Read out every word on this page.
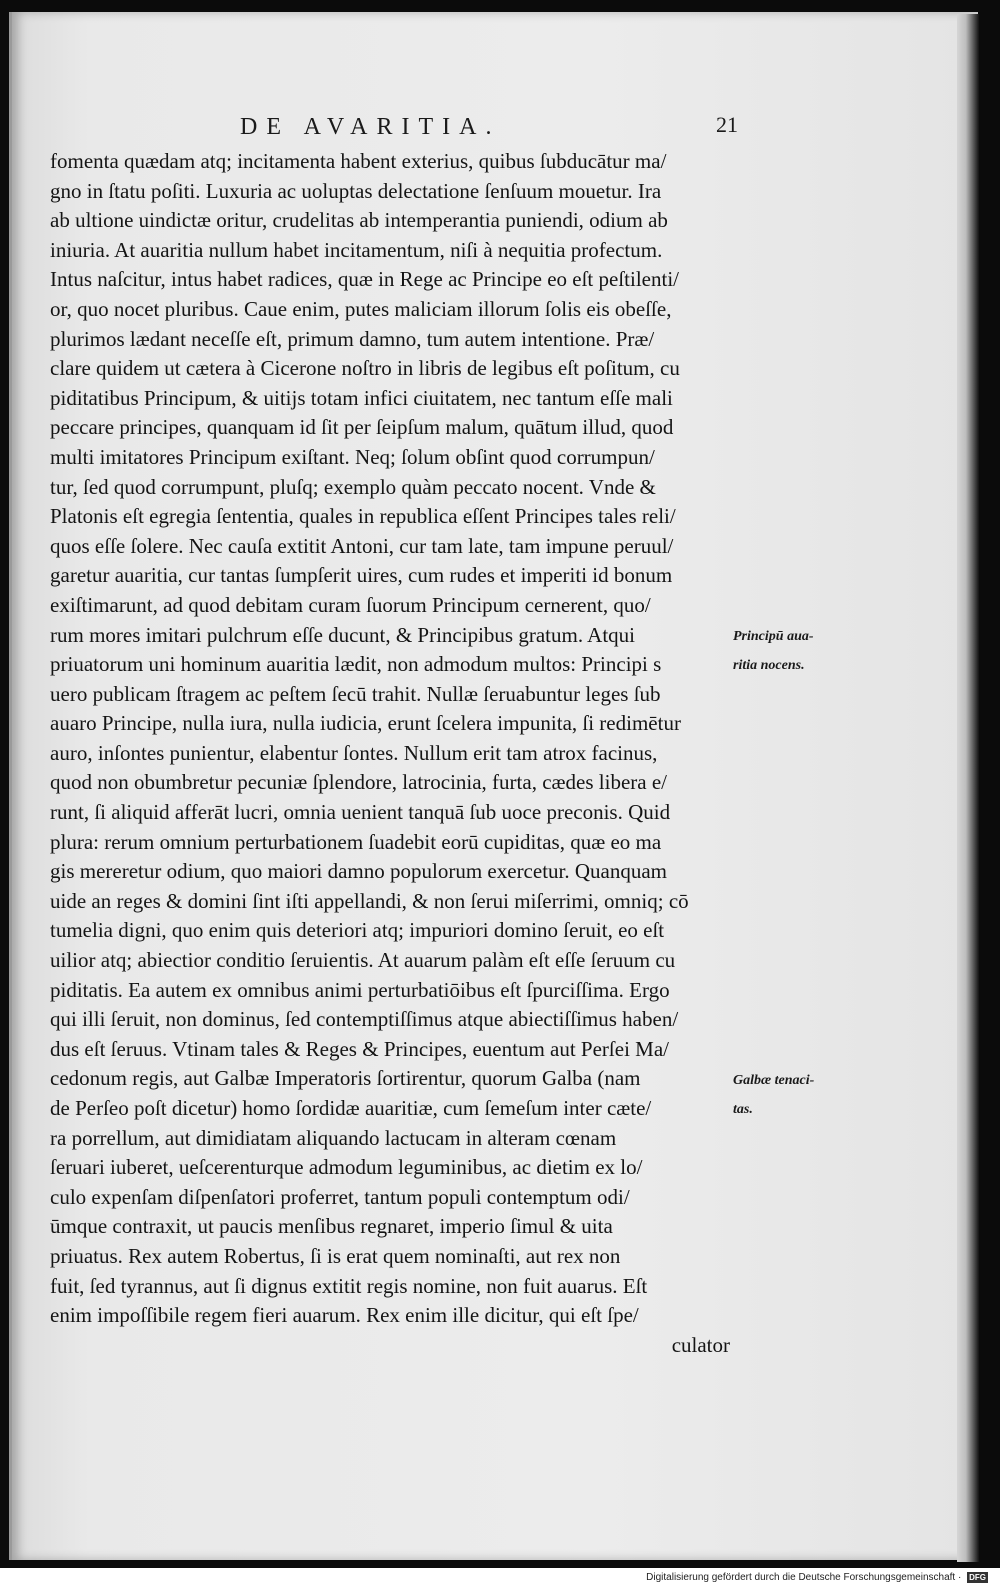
DE AVARITIA.	21
fomenta quædam atq; incitamenta habent exterius, quibus ſubducātur ma/
gno in ſtatu poſiti. Luxuria ac uoluptas delectatione ſenſuum mouetur. Ira
ab ultione uindictæ oritur, crudelitas ab intemperantia puniendi, odium ab
iniuria. At auaritia nullum habet incitamentum, niſi à nequitia profectum.
Intus naſcitur, intus habet radices, quæ in Rege ac Principe eo eſt peſtilenti/
or, quo nocet pluribus. Caue enim, putes maliciam illorum ſolis eis obeſſe,
plurimos lædant neceſſe eſt, primum damno, tum autem intentione. Præ/
clare quidem ut cætera à Cicerone noſtro in libris de legibus eſt poſitum, cu
piditatibus Principum, & uitijs totam infici ciuitatem, nec tantum eſſe mali
peccare principes, quanquam id ſit per ſeipſum malum, quātum illud, quod
multi imitatores Principum exiſtant. Neq; ſolum obſint quod corrumpun/
tur, ſed quod corrumpunt, pluſq; exemplo quàm peccato nocent. Vnde &
Platonis eſt egregia ſententia, quales in republica eſſent Principes tales reli/
quos eſſe ſolere. Nec cauſa extitit Antoni, cur tam late, tam impune peruul/
garetur auaritia, cur tantas ſumpſerit uires, cum rudes et imperiti id bonum
exiſtimarunt, ad quod debitam curam ſuorum Principum cernerent, quo/
rum mores imitari pulchrum eſſe ducunt, & Principibus gratum. Atqui
priuatorum uni hominum auaritia lædit, non admodum multos: Principi s
uero publicam ſtragem ac peſtem ſecū trahit. Nullæ ſeruabuntur leges ſub
auaro Principe, nulla iura, nulla iudicia, erunt ſcelera impunita, ſi redimētur
auro, inſontes punientur, elabentur ſontes. Nullum erit tam atrox facinus,
quod non obumbretur pecuniæ ſplendore, latrocinia, furta, cædes libera e/
runt, ſi aliquid afferāt lucri, omnia uenient tanquā ſub uoce preconis. Quid
plura: rerum omnium perturbationem ſuadebit eorū cupiditas, quæ eo ma
gis mereretur odium, quo maiori damno populorum exercetur. Quanquam
uide an reges & domini ſint iſti appellandi, & non ſerui miſerrimi, omniq; cō
tumelia digni, quo enim quis deteriori atq; impuriori domino ſeruit, eo eſt
uilior atq; abiectior conditio ſeruientis. At auarum palàm eſt eſſe ſeruum cu
piditatis. Ea autem ex omnibus animi perturbatiōibus eſt ſpurciſſima. Ergo
qui illi ſeruit, non dominus, ſed contemptiſſimus atque abiectiſſimus haben/
dus eſt ſeruus. Vtinam tales & Reges & Principes, euentum aut Perſei Ma/
cedonum regis, aut Galbæ Imperatoris ſortirentur, quorum Galba (nam
de Perſeo poſt dicetur) homo ſordidæ auaritiæ, cum ſemeſum inter cæte/
ra porrellum, aut dimidiatam aliquando lactucam in alteram cœnam
ſeruari iuberet, ueſcerenturque admodum leguminibus, ac dietim ex lo/
culo expenſam diſpenſatori proferret, tantum populi contemptum odi/
ūmque contraxit, ut paucis menſibus regnaret, imperio ſimul & uita
priuatus. Rex autem Robertus, ſi is erat quem nominaſti, aut rex non
fuit, ſed tyrannus, aut ſi dignus extitit regis nomine, non fuit auarus. Eſt
enim impoſſibile regem fieri auarum. Rex enim ille dicitur, qui eſt ſpe/
culator
Principū aua-
ritia nocens.
Galbæ tenaci-
tas.
Digitalisierung gefördert durch die Deutsche Forschungsgemeinschaft · DFG
